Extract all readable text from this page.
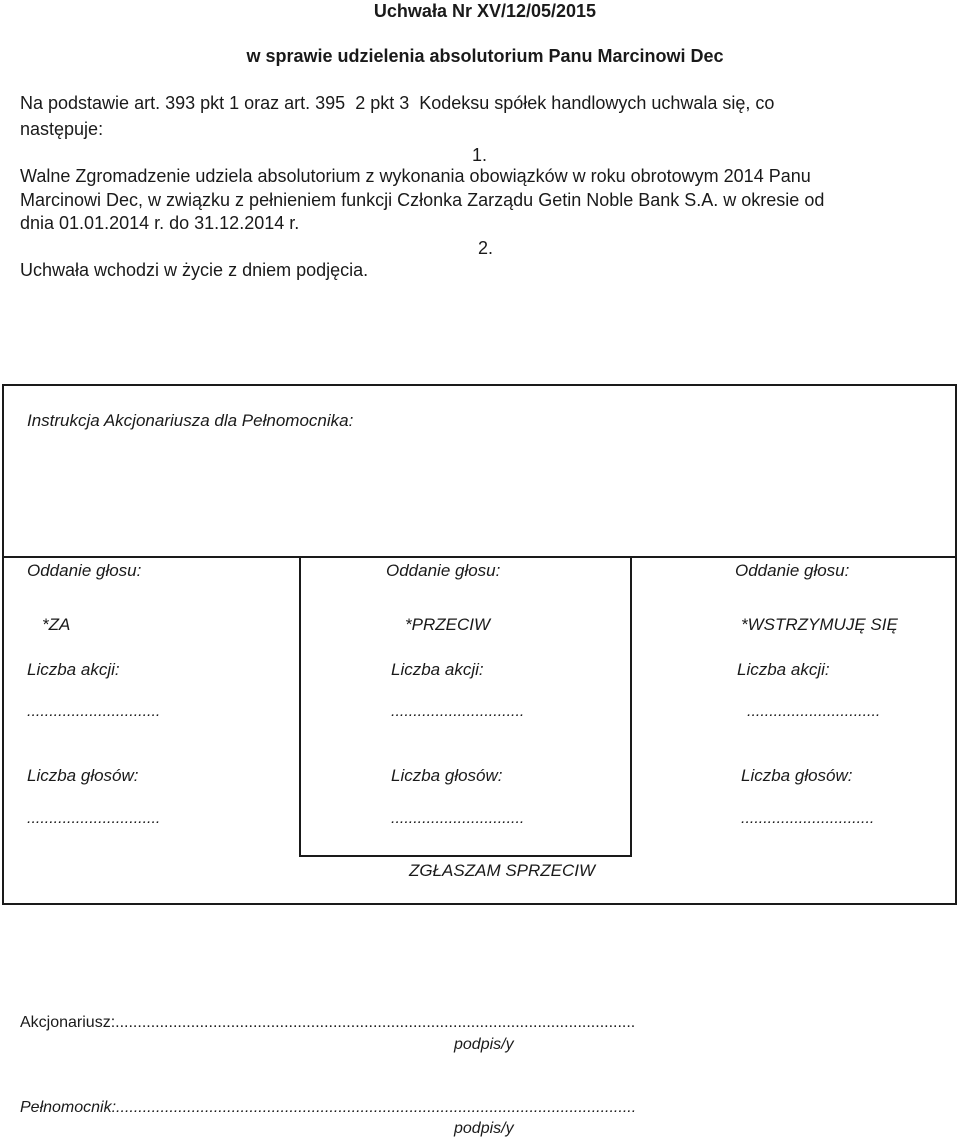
Uchwała Nr XV/12/05/2015
w sprawie udzielenia absolutorium Panu Marcinowi Dec
Na podstawie art. 393 pkt 1 oraz art. 395  2 pkt 3  Kodeksu spółek handlowych uchwala się, co
następuje:
1.
Walne Zgromadzenie udziela absolutorium z wykonania obowiązków w roku obrotowym 2014 Panu
Marcinowi Dec, w związku z pełnieniem funkcji Członka Zarządu Getin Noble Bank S.A. w okresie od
dnia 01.01.2014 r. do 31.12.2014 r.
2.
Uchwała wchodzi w życie z dniem podjęcia.
Instrukcja Akcjonariusza dla Pełnomocnika:
Oddanie głosu:
*ZA
Liczba akcji:
..............................
Liczba głosów:
..............................
Oddanie głosu:
*PRZECIW
Liczba akcji:
..............................
Liczba głosów:
..............................
Oddanie głosu:
*WSTRZYMUJĘ SIĘ
Liczba akcji:
..............................
Liczba głosów:
..............................
ZGŁASZAM SPRZECIW
Akcjonariusz:.....................................................................................................................
podpis/y
Pełnomocnik:.....................................................................................................................
podpis/y
